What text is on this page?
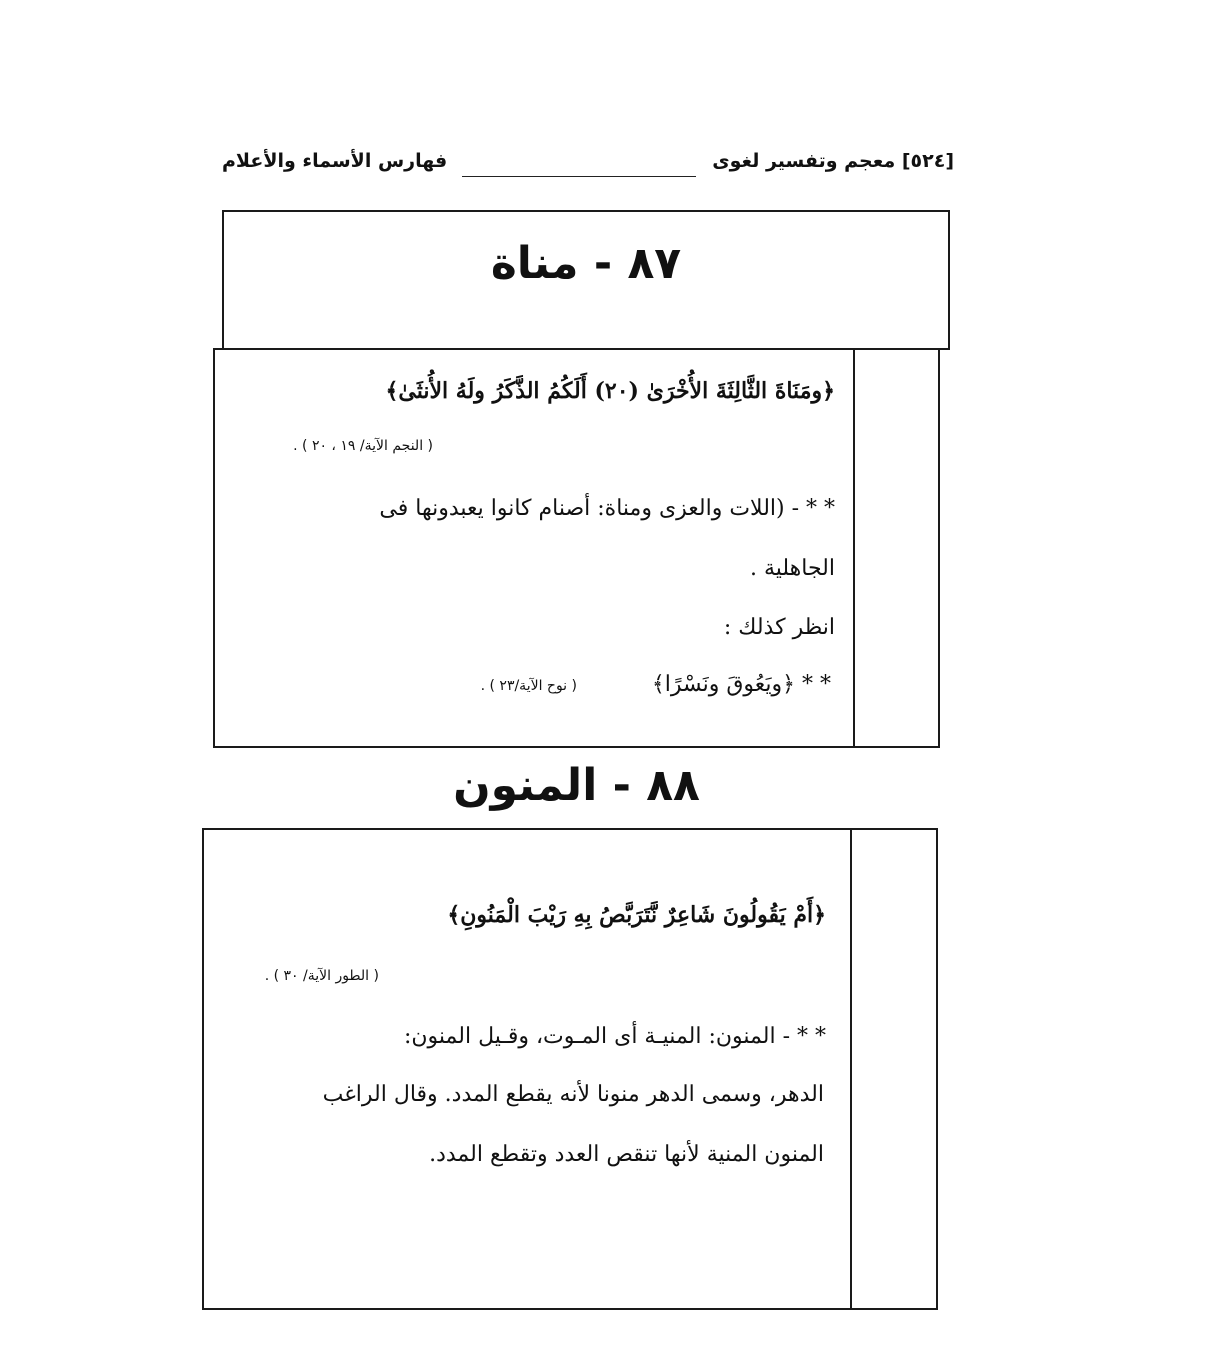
[٥٢٤] معجم وتفسير لغوى
فهارس الأسماء والأعلام
٨٧ - مناة
﴿ومَنَاةَ الثَّالِثَةَ الأُخْرَىٰ (٢٠) أَلَكُمُ الذَّكَرُ ولَهُ الأُنثَىٰ﴾
( النجم الآية/ ١٩ ، ٢٠ ) .
* * - (اللات والعزى ومناة: أصنام كانوا يعبدونها فى
الجاهلية .
انظر كذلك :
* * ﴿ويَعُوقَ ونَسْرًا﴾
( نوح الآية/٢٣ ) .
٨٨ - المنون
﴿أَمْ يَقُولُونَ شَاعِرٌ نَّتَرَبَّصُ بِهِ رَيْبَ الْمَنُونِ﴾
( الطور الآية/ ٣٠ ) .
* * - المنون: المنيـة أى المـوت، وقـيل المنون:
الدهر، وسمى الدهر منونا لأنه يقطع المدد. وقال الراغب
المنون المنية لأنها تنقص العدد وتقطع المدد.
